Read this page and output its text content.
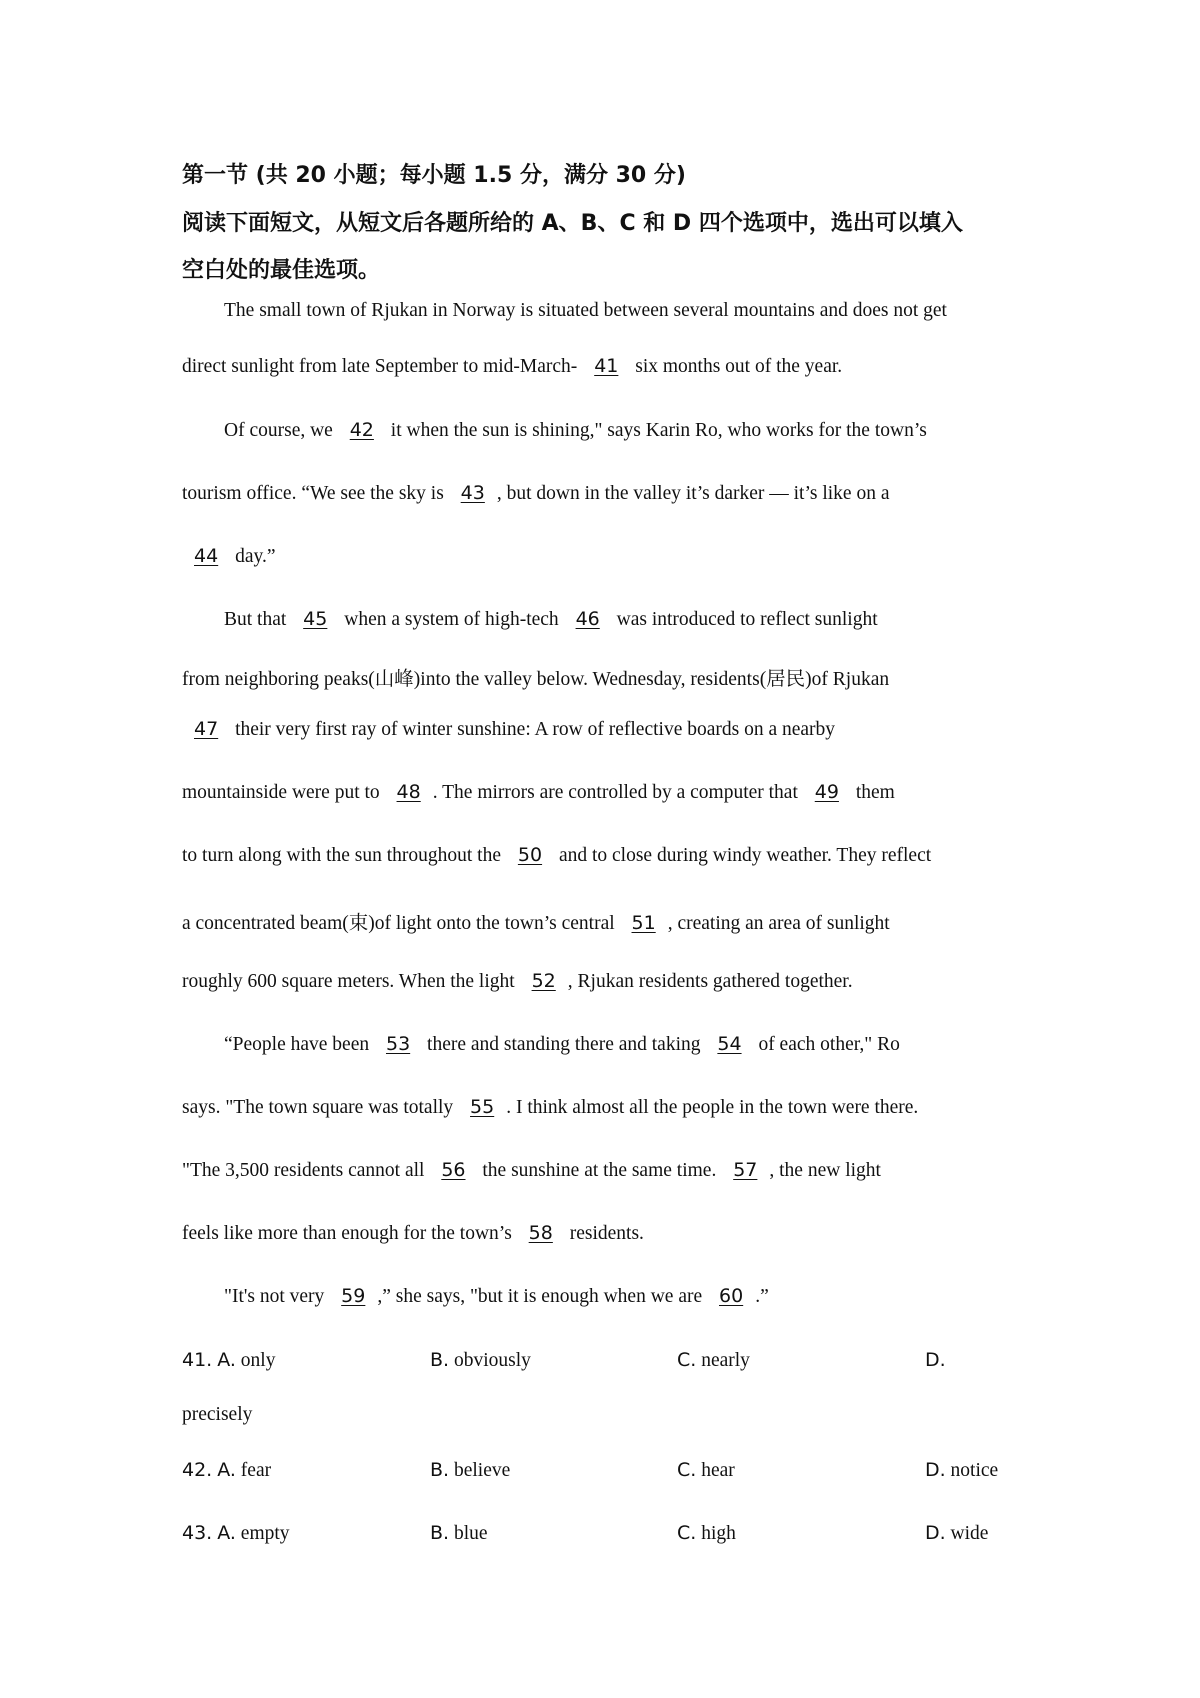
第一节 (共 20 小题；每小题 1.5 分，满分 30 分)
阅读下面短文，从短文后各题所给的 A、B、C 和 D 四个选项中，选出可以填入
空白处的最佳选项。
The small town of Rjukan in Norway is situated between several mountains and does not get
direct sunlight from late September to mid-March- 41 six months out of the year.
Of course, we 42 it when the sun is shining," says Karin Ro, who works for the town’s
tourism office. “We see the sky is 43 , but down in the valley it’s darker — it’s like on a
44 day.”
But that 45 when a system of high-tech 46 was introduced to reflect sunlight
from neighboring peaks(山峰)into the valley below. Wednesday, residents(居民)of Rjukan
47 their very first ray of winter sunshine: A row of reflective boards on a nearby
mountainside were put to 48 . The mirrors are controlled by a computer that 49 them
to turn along with the sun throughout the 50 and to close during windy weather. They reflect
a concentrated beam(束)of light onto the town’s central 51 , creating an area of sunlight
roughly 600 square meters. When the light 52 , Rjukan residents gathered together.
“People have been 53 there and standing there and taking 54 of each other," Ro
says. "The town square was totally 55 . I think almost all the people in the town were there.
"The 3,500 residents cannot all 56 the sunshine at the same time. 57 , the new light
feels like more than enough for the town’s 58 residents.
"It's not very 59 ,” she says, "but it is enough when we are 60 .”
41. A. only	B. obviously	C. nearly	D.
precisely
42. A. fear	B. believe	C. hear	D. notice
43. A. empty	B. blue	C. high	D. wide
